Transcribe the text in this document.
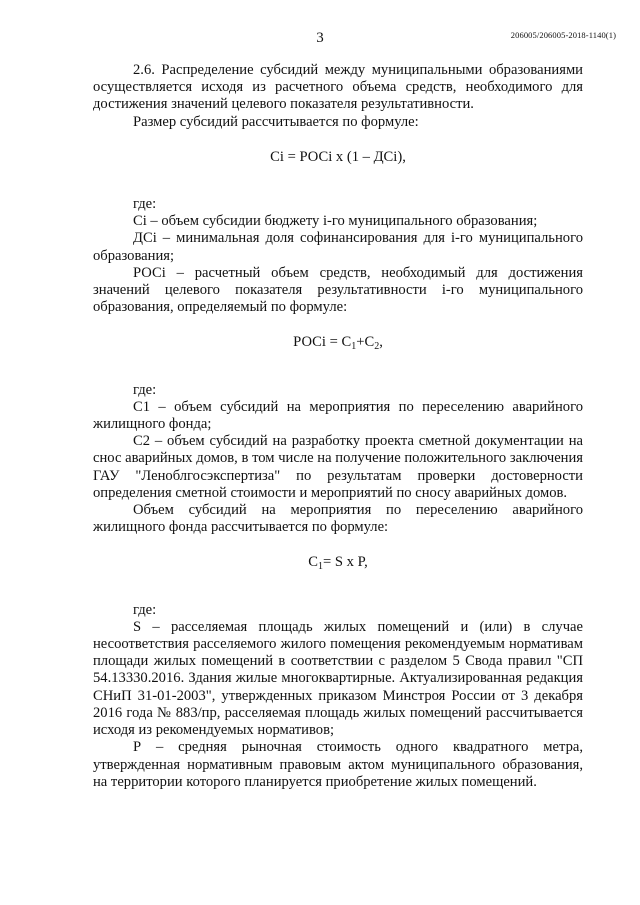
3	206005/206005-2018-1140(1)

2.6. Распределение субсидий между муниципальными образованиями осуществляется исходя из расчетного объема средств, необходимого для достижения значений целевого показателя результативности.

Размер субсидий рассчитывается по формуле:

Ci = РОСi x (1 – ДСi),

где:

Ci – объем субсидии бюджету i-го муниципального образования;

ДСi – минимальная доля софинансирования для i-го муниципального образования;

РОСi – расчетный объем средств, необходимый для достижения значений целевого показателя результативности i-го муниципального образования, определяемый по формуле:

РОСi = $C_1+C_2$,

где:

С1 – объем субсидий на мероприятия по переселению аварийного жилищного фонда;

С2 – объем субсидий на разработку проекта сметной документации на снос аварийных домов, в том числе на получение положительного заключения ГАУ "Леноблгосэкспертиза" по результатам проверки достоверности определения сметной стоимости и мероприятий по сносу аварийных домов.

Объем субсидий на мероприятия по переселению аварийного жилищного фонда рассчитывается по формуле:

$C_1= S$ x P,

где:

S – расселяемая площадь жилых помещений и (или) в случае несоответствия расселяемого жилого помещения рекомендуемым нормативам площади жилых помещений в соответствии с разделом 5 Свода правил "СП 54.13330.2016. Здания жилые многоквартирные. Актуализированная редакция СНиП 31-01-2003", утвержденных приказом Минстроя России от 3 декабря 2016 года № 883/пр, расселяемая площадь жилых помещений рассчитывается исходя из рекомендуемых нормативов;

Р – средняя рыночная стоимость одного квадратного метра, утвержденная нормативным правовым актом муниципального образования, на территории которого планируется приобретение жилых помещений.
